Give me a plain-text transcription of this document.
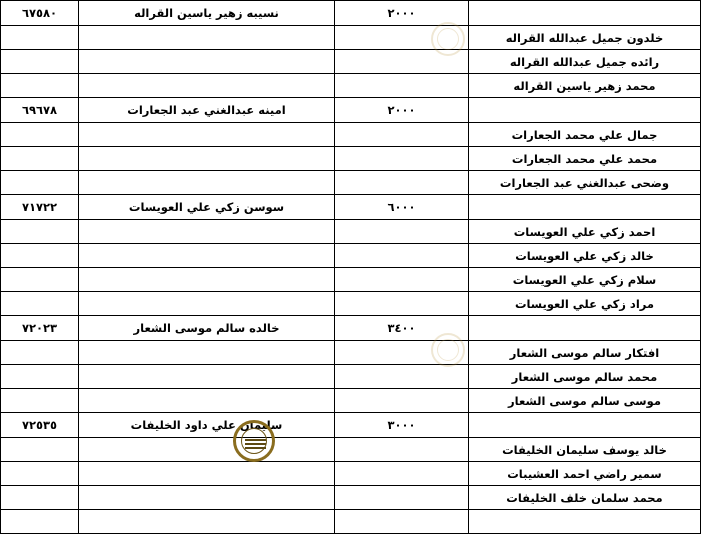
	٢٠٠٠	نسيبه زهير ياسين القراله	٦٧٥٨٠
خلدون جميل عبدالله القراله			
رائده جميل عبدالله القراله			
محمد زهير ياسين القراله			
	٢٠٠٠	امينه عبدالغني عبد الجعارات	٦٩٦٧٨
جمال علي محمد الجعارات			
محمد علي محمد الجعارات			
وضحى عبدالغني عبد الجعارات			
	٦٠٠٠	سوسن زكي علي العويسات	٧١٧٢٢
احمد زكي علي العويسات			
خالد زكي علي العويسات			
سلام زكي علي العويسات			
مراد زكي علي العويسات			
	٣٤٠٠	خالده سالم موسى الشعار	٧٢٠٢٣
افتكار سالم موسى الشعار			
محمد سالم موسى الشعار			
موسى سالم موسى الشعار			
	٣٠٠٠	سليمان علي داود الخليفات	٧٢٥٣٥
خالد يوسف سليمان الخليفات			
سمير راضي احمد العشيبات			
محمد سلمان خلف الخليفات			
